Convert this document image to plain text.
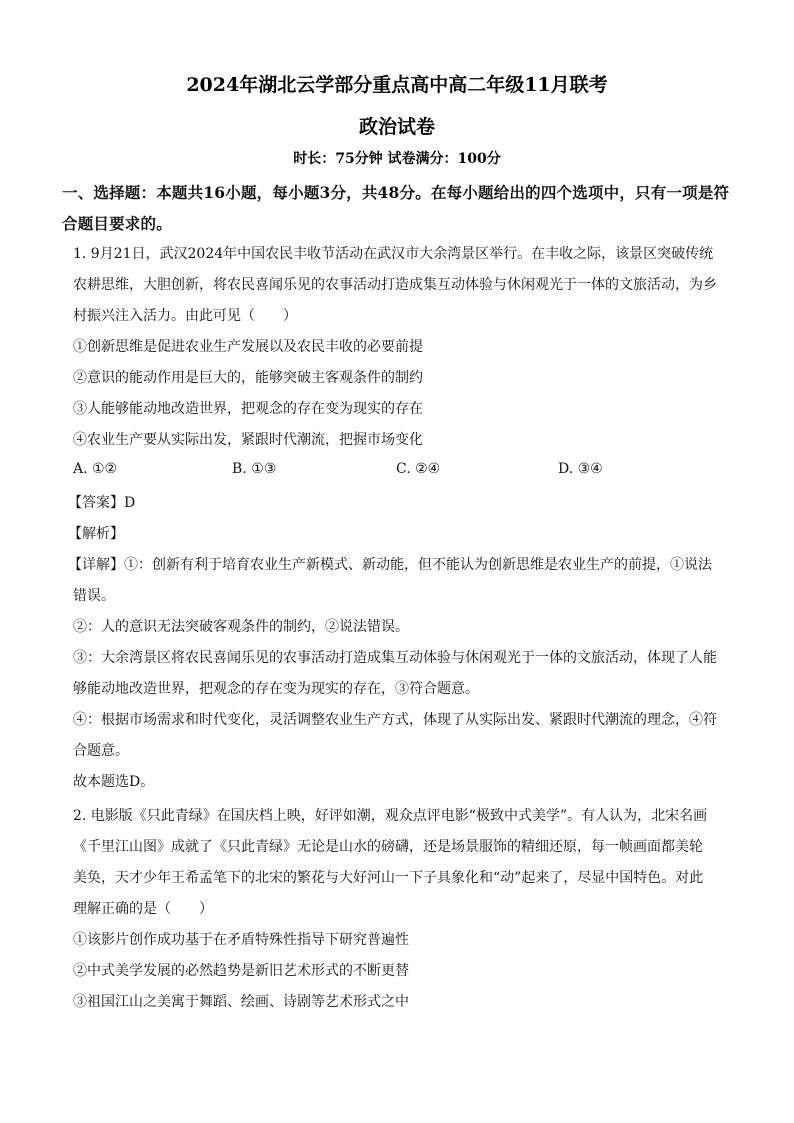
2024年湖北云学部分重点高中高二年级11月联考
政治试卷
时长：75分钟 试卷满分：100分
一、选择题：本题共16小题，每小题3分，共48分。在每小题给出的四个选项中，只有一项是符合题目要求的。
1. 9月21日，武汉2024年中国农民丰收节活动在武汉市大余湾景区举行。在丰收之际，该景区突破传统
农耕思维，大胆创新，将农民喜闻乐见的农事活动打造成集互动体验与休闲观光于一体的文旅活动，为乡
村振兴注入活力。由此可见（　　）
①创新思维是促进农业生产发展以及农民丰收的必要前提
②意识的能动作用是巨大的，能够突破主客观条件的制约
③人能够能动地改造世界，把观念的存在变为现实的存在
④农业生产要从实际出发，紧跟时代潮流，把握市场变化
A. ①②	B. ①③	C. ②④	D. ③④
【答案】D
【解析】
【详解】①：创新有利于培育农业生产新模式、新动能，但不能认为创新思维是农业生产的前提，①说法
错误。
②：人的意识无法突破客观条件的制约，②说法错误。
③：大余湾景区将农民喜闻乐见的农事活动打造成集互动体验与休闲观光于一体的文旅活动，体现了人能
够能动地改造世界，把观念的存在变为现实的存在，③符合题意。
④：根据市场需求和时代变化，灵活调整农业生产方式，体现了从实际出发、紧跟时代潮流的理念，④符
合题意。
故本题选D。
2. 电影版《只此青绿》在国庆档上映，好评如潮，观众点评电影“极致中式美学”。有人认为，北宋名画
《千里江山图》成就了《只此青绿》无论是山水的磅礴，还是场景服饰的精细还原，每一帧画面都美轮
美奂，天才少年王希孟笔下的北宋的繁花与大好河山一下子具象化和“动”起来了，尽显中国特色。对此
理解正确的是（　　）
①该影片创作成功基于在矛盾特殊性指导下研究普遍性
②中式美学发展的必然趋势是新旧艺术形式的不断更替
③祖国江山之美寓于舞蹈、绘画、诗剧等艺术形式之中
